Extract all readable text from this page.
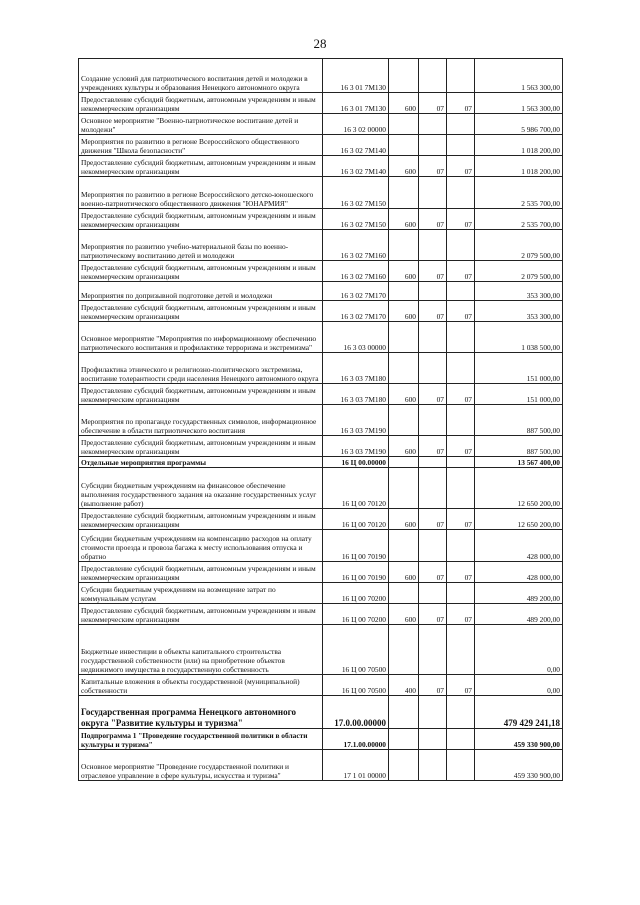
28
Создание условий для патриотического воспитания детей и молодежи в учреждениях культуры и образования Ненецкого автономного округа	16 3 01 7М130				1 563 300,00
Предоставление субсидий бюджетным, автономным учреждениям и иным некоммерческим организациям	16 3 01 7М130	600	07	07	1 563 300,00
Основное мероприятие "Военно-патриотическое воспитание детей и молодежи"	16 3 02 00000				5 986 700,00
Мероприятия по развитию в регионе Всероссийского общественного движения "Школа безопасности"	16 3 02 7М140				1 018 200,00
Предоставление субсидий бюджетным, автономным учреждениям и иным некоммерческим организациям	16 3 02 7М140	600	07	07	1 018 200,00
Мероприятия по развитию в регионе Всероссийского детско-юношеского военно-патриотического общественного движения "ЮНАРМИЯ"	16 3 02 7М150				2 535 700,00
Предоставление субсидий бюджетным, автономным учреждениям и иным некоммерческим организациям	16 3 02 7М150	600	07	07	2 535 700,00
Мероприятия по развитию учебно-материальной базы по военно-патриотическому воспитанию детей и молодежи	16 3 02 7М160				2 079 500,00
Предоставление субсидий бюджетным, автономным учреждениям и иным некоммерческим организациям	16 3 02 7М160	600	07	07	2 079 500,00
Мероприятия по допризывной подготовке детей и молодежи	16 3 02 7М170				353 300,00
Предоставление субсидий бюджетным, автономным учреждениям и иным некоммерческим организациям	16 3 02 7М170	600	07	07	353 300,00
Основное мероприятие "Мероприятия по информационному обеспечению патриотического воспитания и профилактике терроризма и экстремизма"	16 3 03 00000				1 038 500,00
Профилактика этнического и религиозно-политического экстремизма, воспитание толерантности среди населения Ненецкого автономного округа	16 3 03 7М180				151 000,00
Предоставление субсидий бюджетным, автономным учреждениям и иным некоммерческим организациям	16 3 03 7М180	600	07	07	151 000,00
Мероприятия по пропаганде государственных символов, информационное обеспечение в области патриотического воспитания	16 3 03 7М190				887 500,00
Предоставление субсидий бюджетным, автономным учреждениям и иным некоммерческим организациям	16 3 03 7М190	600	07	07	887 500,00
Отдельные мероприятия программы	16 Ц 00.00000				13 567 400,00
Субсидии бюджетным учреждениям на финансовое обеспечение выполнения государственного задания на оказание государственных услуг (выполнение работ)	16 Ц 00 70120				12 650 200,00
Предоставление субсидий бюджетным, автономным учреждениям и иным некоммерческим организациям	16 Ц 00 70120	600	07	07	12 650 200,00
Субсидии бюджетным учреждениям на компенсацию расходов на оплату стоимости проезда и провоза багажа к месту использования отпуска и обратно	16 Ц 00 70190				428 000,00
Предоставление субсидий бюджетным, автономным учреждениям и иным некоммерческим организациям	16 Ц 00 70190	600	07	07	428 000,00
Субсидии бюджетным учреждениям на возмещение затрат по коммунальным услугам	16 Ц 00 70200				489 200,00
Предоставление субсидий бюджетным, автономным учреждениям и иным некоммерческим организациям	16 Ц 00 70200	600	07	07	489 200,00
Бюджетные инвестиции в объекты капитального строительства государственной собственности (или) на приобретение объектов недвижимого имущества в государственную собственность	16 Ц 00 70500				0,00
Капитальные вложения в объекты государственной (муниципальной) собственности	16 Ц 00 70500	400	07	07	0,00
Государственная программа Ненецкого автономного округа "Развитие культуры и туризма"	17.0.00.00000				479 429 241,18
Подпрограмма 1 "Проведение государственной политики в области культуры и туризма"	17.1.00.00000				459 330 900,00
Основное мероприятие "Проведение государственной политики и отраслевое управление в сфере культуры, искусства и туризма"	17 1 01 00000				459 330 900,00
